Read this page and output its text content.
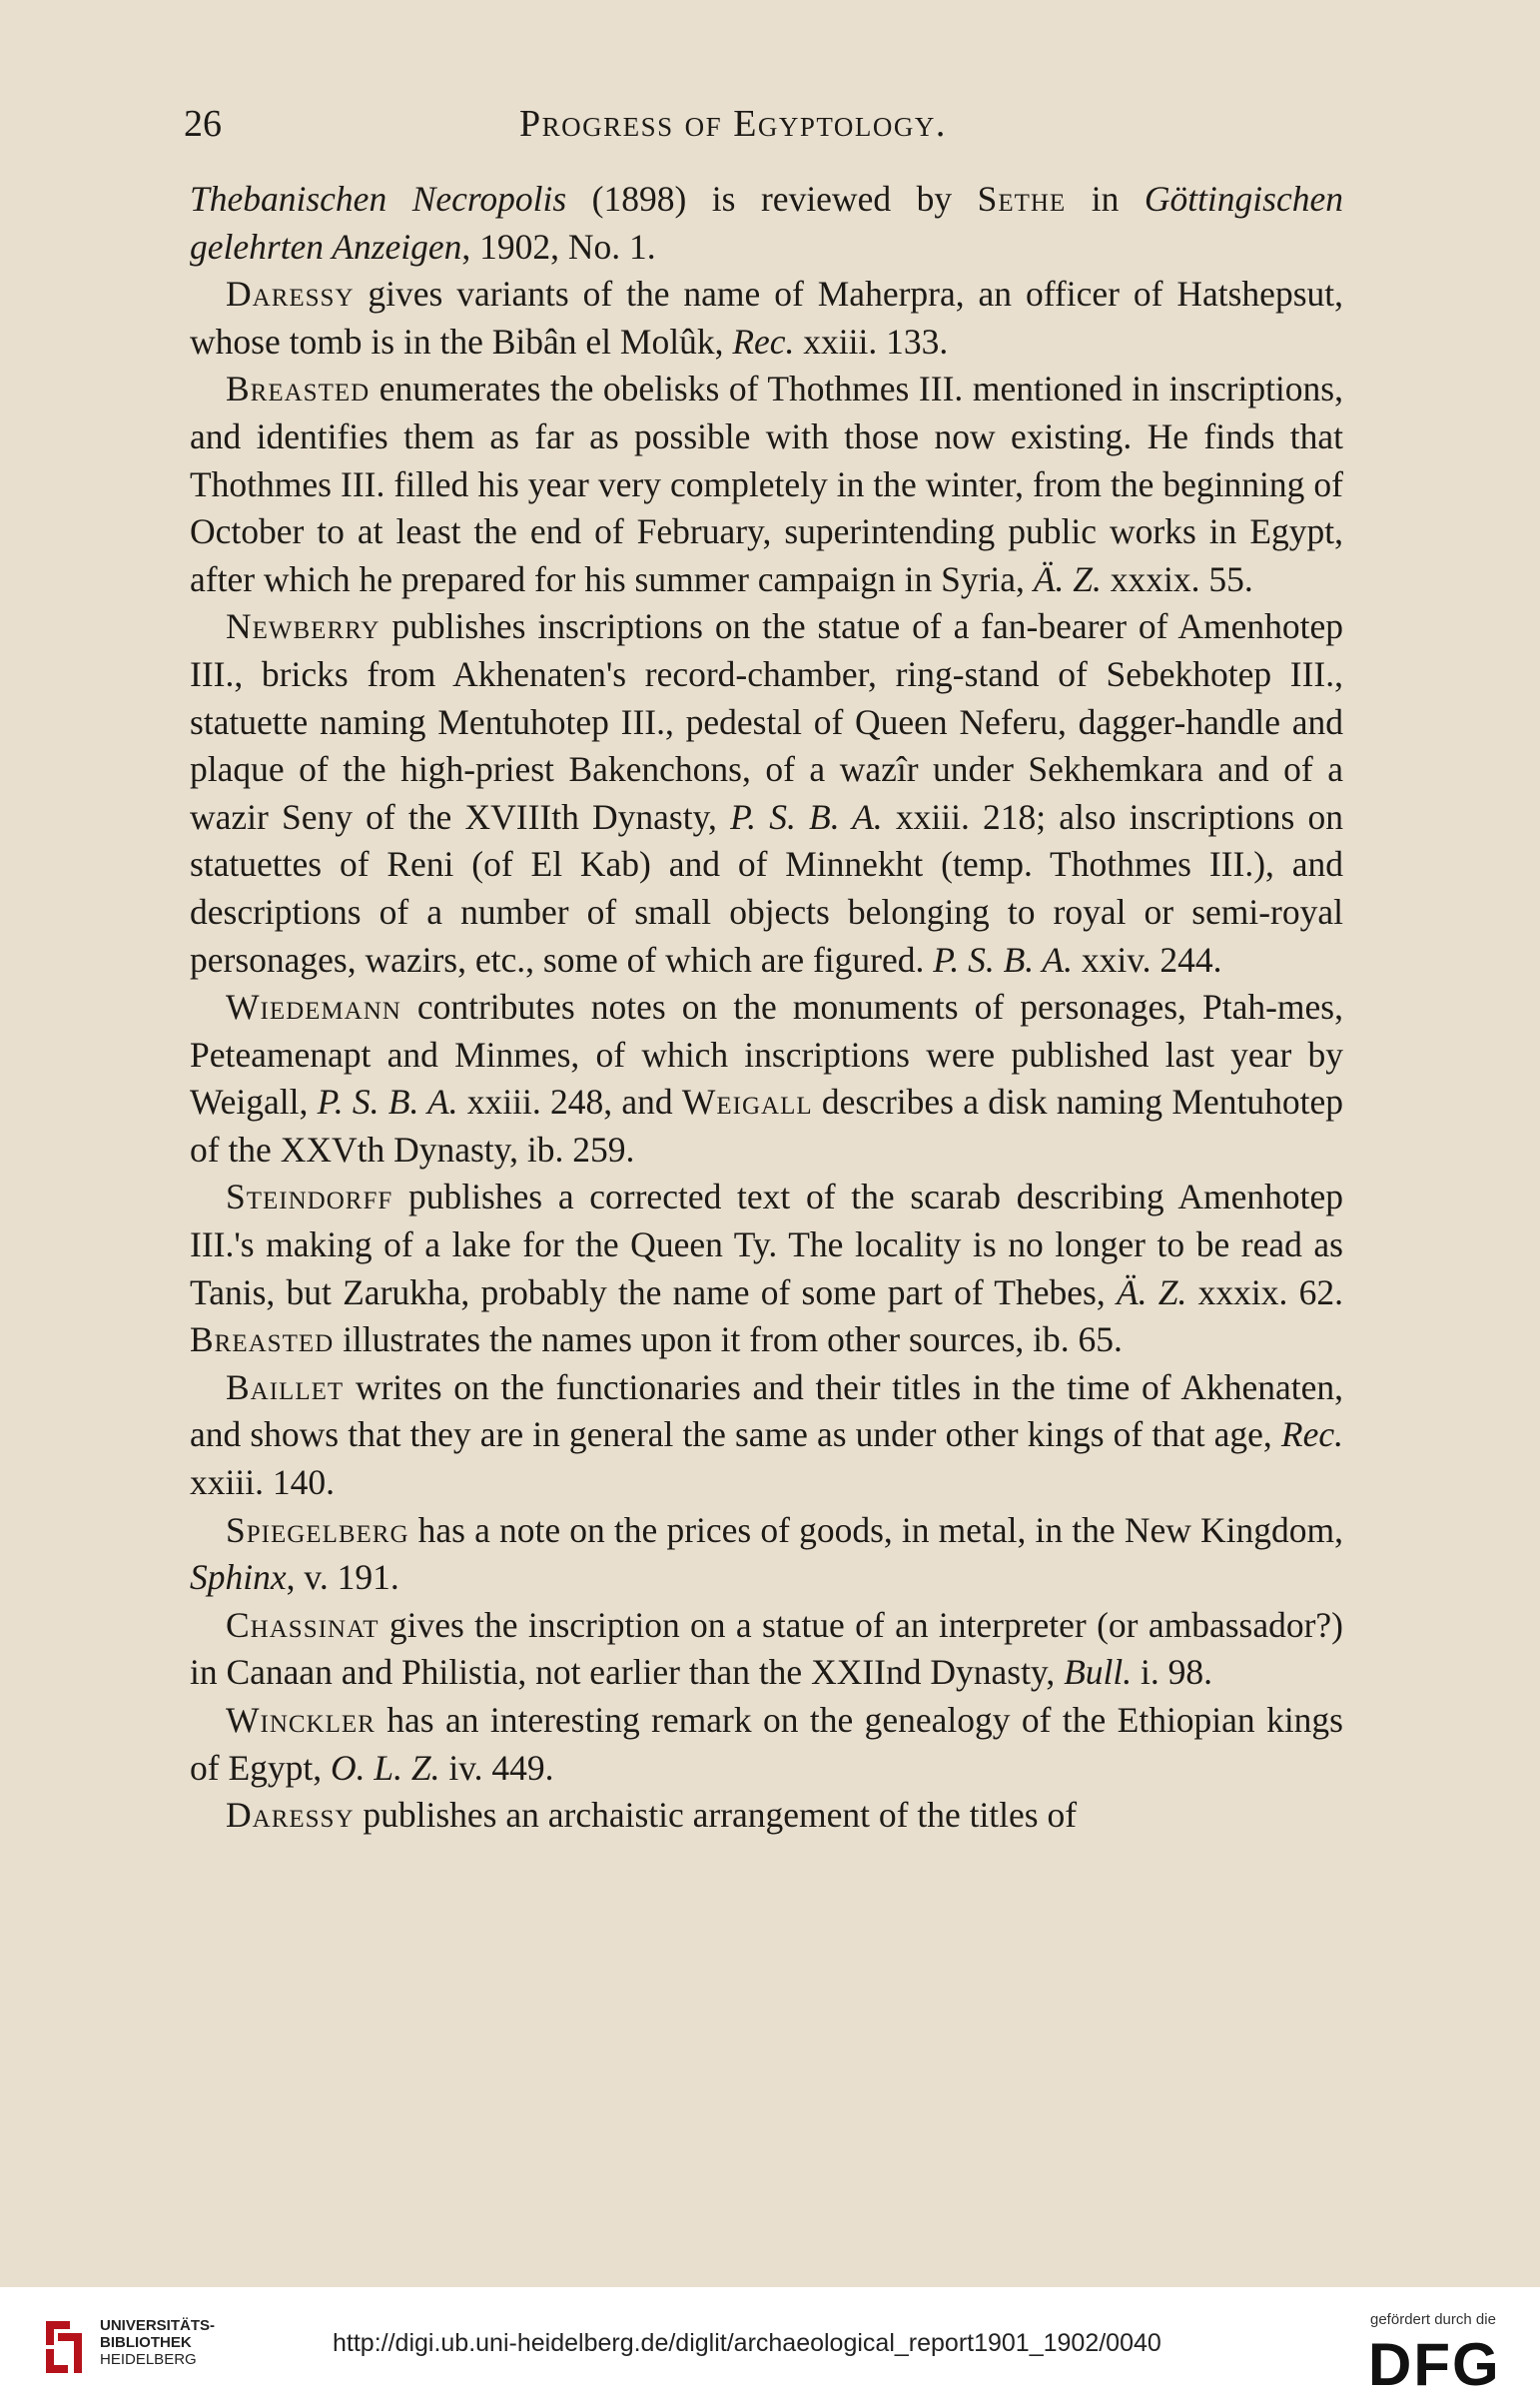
26	Progress of Egyptology.

Thebanischen Necropolis (1898) is reviewed by Sethe in Göttingischen gelehrten Anzeigen, 1902, No. 1.

Daressy gives variants of the name of Maherpra, an officer of Hatshepsut, whose tomb is in the Bibân el Molûk, Rec. xxiii. 133.

Breasted enumerates the obelisks of Thothmes III. mentioned in inscriptions, and identifies them as far as possible with those now existing. He finds that Thothmes III. filled his year very completely in the winter, from the beginning of October to at least the end of February, superintending public works in Egypt, after which he prepared for his summer campaign in Syria, Ä. Z. xxxix. 55.

Newberry publishes inscriptions on the statue of a fan-bearer of Amenhotep III., bricks from Akhenaten's record-chamber, ring-stand of Sebekhotep III., statuette naming Mentuhotep III., pedestal of Queen Neferu, dagger-handle and plaque of the high-priest Bakenchons, of a wazîr under Sekhemkara and of a wazir Seny of the XVIIIth Dynasty, P. S. B. A. xxiii. 218; also inscriptions on statuettes of Reni (of El Kab) and of Minnekht (temp. Thothmes III.), and descriptions of a number of small objects belonging to royal or semi-royal personages, wazirs, etc., some of which are figured. P. S. B. A. xxiv. 244.

Wiedemann contributes notes on the monuments of personages, Ptah-mes, Peteamenapt and Minmes, of which inscriptions were published last year by Weigall, P. S. B. A. xxiii. 248, and Weigall describes a disk naming Mentuhotep of the XXVth Dynasty, ib. 259.

Steindorff publishes a corrected text of the scarab describing Amenhotep III.'s making of a lake for the Queen Ty. The locality is no longer to be read as Tanis, but Zarukha, probably the name of some part of Thebes, Ä. Z. xxxix. 62. Breasted illustrates the names upon it from other sources, ib. 65.

Baillet writes on the functionaries and their titles in the time of Akhenaten, and shows that they are in general the same as under other kings of that age, Rec. xxiii. 140.

Spiegelberg has a note on the prices of goods, in metal, in the New Kingdom, Sphinx, v. 191.

Chassinat gives the inscription on a statue of an interpreter (or ambassador?) in Canaan and Philistia, not earlier than the XXIInd Dynasty, Bull. i. 98.

Winckler has an interesting remark on the genealogy of the Ethiopian kings of Egypt, O. L. Z. iv. 449.

Daressy publishes an archaistic arrangement of the titles of

UNIVERSITÄTS-
BIBLIOTHEK
HEIDELBERG
http://digi.ub.uni-heidelberg.de/diglit/archaeological_report1901_1902/0040
gefördert durch die
DFG
